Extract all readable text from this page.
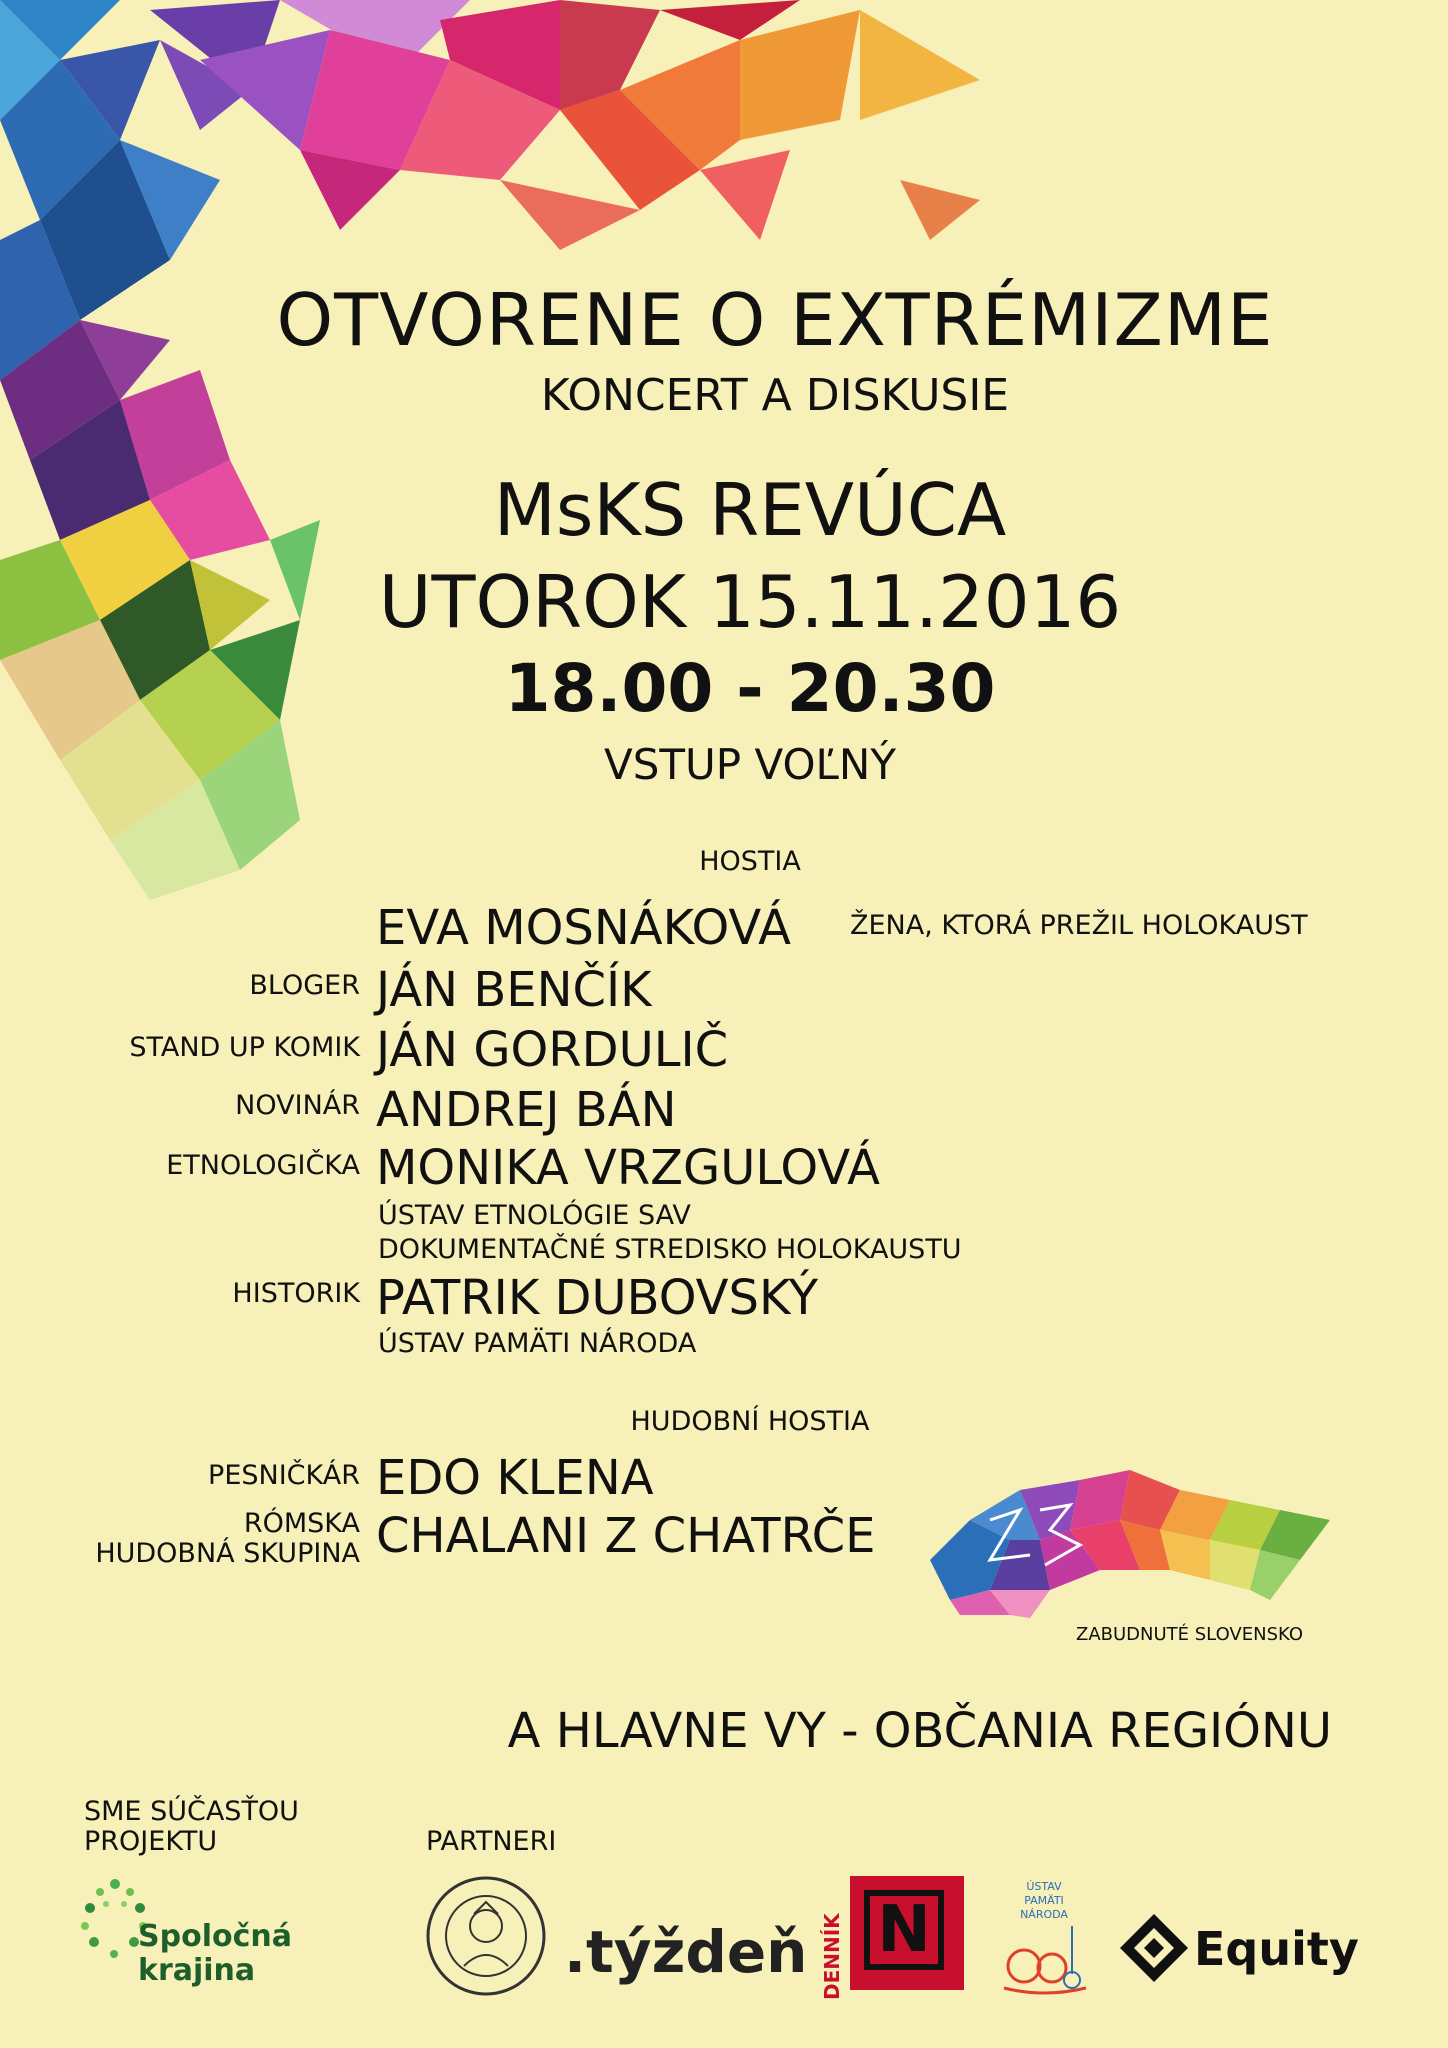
OTVORENE O EXTRÉMIZME
KONCERT A DISKUSIE
MsKS REVÚCA
UTOROK 15.11.2016
18.00 - 20.30
VSTUP VOĽNÝ
HOSTIA
EVA MOSNÁKOVÁ ŽENA, KTORÁ PREŽIL HOLOKAUST
BLOGER JÁN BENČÍK
STAND UP KOMIK JÁN GORDULIČ
NOVINÁR ANDREJ BÁN
ETNOLOGIČKA MONIKA VRZGULOVÁ
ÚSTAV ETNOLÓGIE SAV
DOKUMENTAČNÉ STREDISKO HOLOKAUSTU
HISTORIK PATRIK DUBOVSKÝ
ÚSTAV PAMÄTI NÁRODA
HUDOBNÍ HOSTIA
PESNIČKÁR EDO KLENA
RÓMSKA
HUDOBNÁ SKUPINA CHALANI Z CHATRČE
ZABUDNUTÉ SLOVENSKO
A HLAVNE VY - OBČANIA REGIÓNU
SME SÚČASŤOU
PROJEKTU	PARTNERI
Spoločná
krajina	.týždeň DENNÍK N
ÚSTAV
PAMÄTI
NÁRODA
Equity
